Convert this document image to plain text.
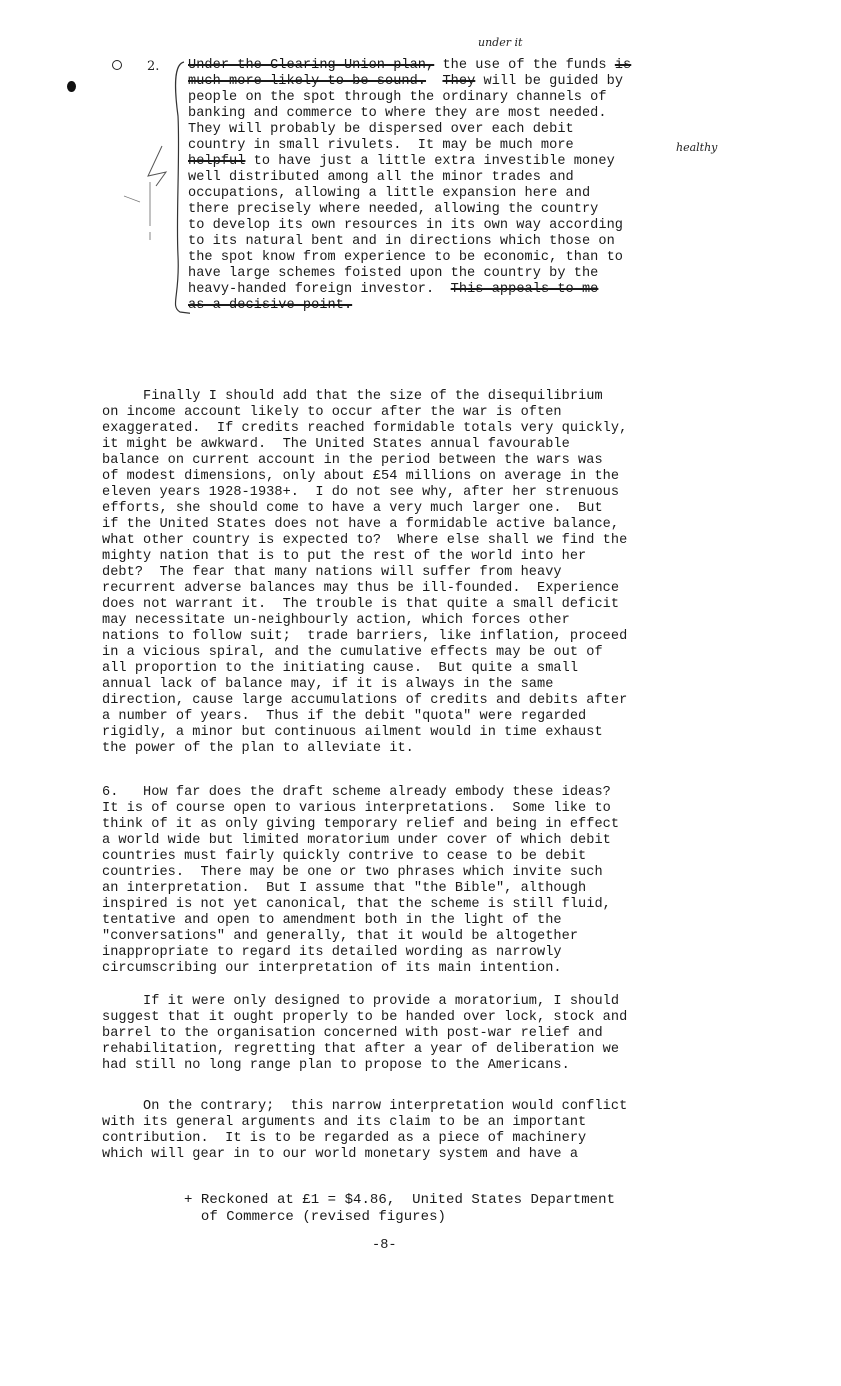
under it
healthy
2. Under the Clearing Union plan, the use of the funds is
much more likely to be sound. They will be guided by
people on the spot through the ordinary channels of
banking and commerce to where they are most needed.
They will probably be dispersed over each debit
country in small rivulets.  It may be much more
helpful to have just a little extra investible money
well distributed among all the minor trades and
occupations, allowing a little expansion here and
there precisely where needed, allowing the country
to develop its own resources in its own way according
to its natural bent and in directions which those on
the spot know from experience to be economic, than to
have large schemes foisted upon the country by the
heavy-handed foreign investor.  This appeals to me
as a decisive point.
Finally I should add that the size of the disequilibrium
on income account likely to occur after the war is often
exaggerated.  If credits reached formidable totals very quickly,
it might be awkward.  The United States annual favourable
balance on current account in the period between the wars was
of modest dimensions, only about £54 millions on average in the
eleven years 1928-1938+.  I do not see why, after her strenuous
efforts, she should come to have a very much larger one.  But
if the United States does not have a formidable active balance,
what other country is expected to?  Where else shall we find the
mighty nation that is to put the rest of the world into her
debt?  The fear that many nations will suffer from heavy
recurrent adverse balances may thus be ill-founded.  Experience
does not warrant it.  The trouble is that quite a small deficit
may necessitate un-neighbourly action, which forces other
nations to follow suit;  trade barriers, like inflation, proceed
in a vicious spiral, and the cumulative effects may be out of
all proportion to the initiating cause.  But quite a small
annual lack of balance may, if it is always in the same
direction, cause large accumulations of credits and debits after
a number of years.  Thus if the debit "quota" were regarded
rigidly, a minor but continuous ailment would in time exhaust
the power of the plan to alleviate it.
6.   How far does the draft scheme already embody these ideas?
It is of course open to various interpretations.  Some like to
think of it as only giving temporary relief and being in effect
a world wide but limited moratorium under cover of which debit
countries must fairly quickly contrive to cease to be debit
countries.  There may be one or two phrases which invite such
an interpretation.  But I assume that "the Bible", although
inspired is not yet canonical, that the scheme is still fluid,
tentative and open to amendment both in the light of the
"conversations" and generally, that it would be altogether
inappropriate to regard its detailed wording as narrowly
circumscribing our interpretation of its main intention.
If it were only designed to provide a moratorium, I should
suggest that it ought properly to be handed over lock, stock and
barrel to the organisation concerned with post-war relief and
rehabilitation, regretting that after a year of deliberation we
had still no long range plan to propose to the Americans.
On the contrary;  this narrow interpretation would conflict
with its general arguments and its claim to be an important
contribution.  It is to be regarded as a piece of machinery
which will gear in to our world monetary system and have a
+ Reckoned at £1 = $4.86,  United States Department
of Commerce (revised figures)
-8-
